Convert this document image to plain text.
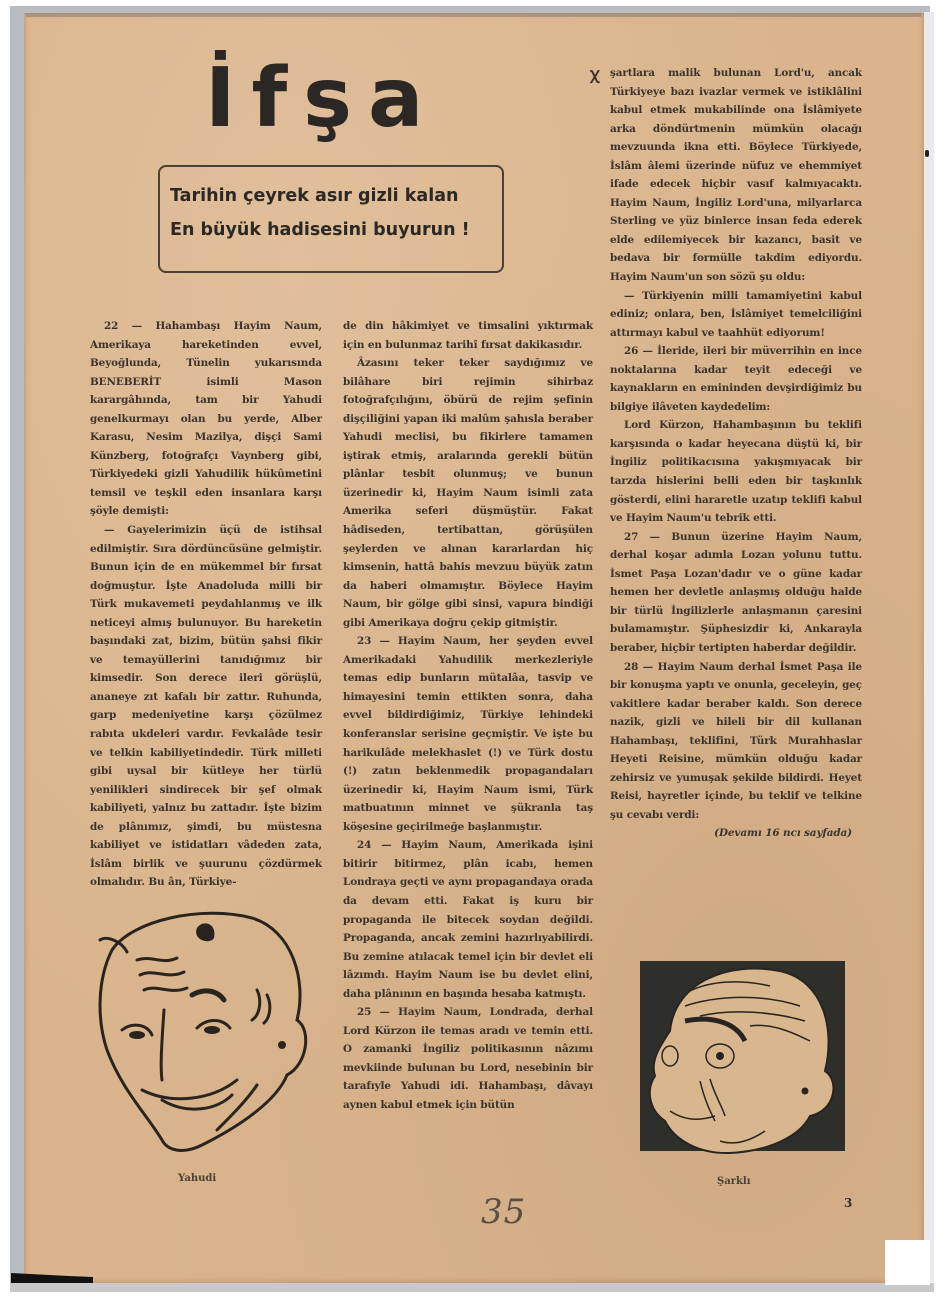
İfşa
Tarihin çeyrek asır gizli kalan
En büyük hadisesini buyurun !

22 — Hahambaşı Hayim Naum, Amerikaya hareketinden evvel, Beyoğlunda, Tünelin yukarısında BENEBERİT isimli Mason karargâhında, tam bir Yahudi genelkurmayı olan bu yerde, Alber Karasu, Nesim Mazilya, dişçi Sami Künzberg, fotoğrafçı Vaynberg gibi, Türkiyedeki gizli Yahudilik hükûmetini temsil ve teşkil eden insanlara karşı şöyle demişti:

— Gayelerimizin üçü de istihsal edilmiştir. Sıra dördüncüsüne gelmiştir. Bunun için de en mükemmel bir fırsat doğmuştur. İşte Anadoluda milli bir Türk mukavemeti peydahlanmış ve ilk neticeyi almış bulunuyor. Bu hareketin başındaki zat, bizim, bütün şahsi fikir ve temayüllerini tanıdığımız bir kimsedir. Son derece ileri görüşlü, ananeye zıt kafalı bir zattır. Ruhunda, garp medeniyetine karşı çözülmez rabıta ukdeleri vardır. Fevkalâde tesir ve telkin kabiliyetindedir. Türk milleti gibi uysal bir kütleye her türlü yenilikleri sindirecek bir şef olmak kabiliyeti, yalnız bu zattadır. İşte bizim de plânımız, şimdi, bu müstesna kabiliyet ve istidatları vâdeden zata, İslâm birlik ve şuurunu çözdürmek olmalıdır. Bu ân, Türkiye-

de din hâkimiyet ve timsalini yıktırmak için en bulunmaz tarihî fırsat dakikasıdır.

Âzasını teker teker saydığımız ve bilâhare biri rejimin sihirbaz fotoğrafçılığını, öbürü de rejim şefinin dişçiliğini yapan iki malûm şahısla beraber Yahudi meclisi, bu fikirlere tamamen iştirak etmiş, aralarında gerekli bütün plânlar tesbit olunmuş; ve bunun üzerinedir ki, Hayim Naum isimli zata Amerika seferi düşmüştür. Fakat hâdiseden, tertibattan, görüşülen şeylerden ve alınan kararlardan hiç kimsenin, hattâ bahis mevzuu büyük zatın da haberi olmamıştır. Böylece Hayim Naum, bir gölge gibi sinsi, vapura bindiği gibi Amerikaya doğru çekip gitmiştir.

23 — Hayim Naum, her şeyden evvel Amerikadaki Yahudilik merkezleriyle temas edip bunların mütalâa, tasvip ve himayesini temin ettikten sonra, daha evvel bildirdiğimiz, Türkiye lehindeki konferanslar serisine geçmiştir. Ve işte bu harikulâde melekhaslet (!) ve Türk dostu (!) zatın beklenmedik propagandaları üzerinedir ki, Hayim Naum ismi, Türk matbuatının minnet ve şükranla taş köşesine geçirilmeğe başlanmıştır.

24 — Hayim Naum, Amerikada işini bitirir bitirmez, plân icabı, hemen Londraya geçti ve aynı propagandaya orada da devam etti. Fakat iş kuru bir propaganda ile bitecek soydan değildi. Propaganda, ancak zemini hazırlıyabilirdi. Bu zemine atılacak temel için bir devlet eli lâzımdı. Hayim Naum ise bu devlet elini, daha plânının en başında hesaba katmıştı.

25 — Hayim Naum, Londrada, derhal Lord Kürzon ile temas aradı ve temin etti. O zamanki İngiliz politikasının nâzımı mevkiinde bulunan bu Lord, nesebinin bir tarafıyle Yahudi idi. Hahambaşı, dâvayı aynen kabul etmek için bütün

ꭓ şartlara malik bulunan Lord'u, ancak Türkiyeye bazı ivazlar vermek ve istiklâlini kabul etmek mukabilinde ona İslâmiyete arka döndürtmenin mümkün olacağı mevzuunda ikna etti. Böylece Türkiyede, İslâm âlemi üzerinde nüfuz ve ehemmiyet ifade edecek hiçbir vasıf kalmıyacaktı. Hayim Naum, İngiliz Lord'una, milyarlarca Sterling ve yüz binlerce insan feda ederek elde edilemiyecek bir kazancı, basit ve bedava bir formülle takdim ediyordu. Hayim Naum'un son sözü şu oldu:

— Türkiyenin milli tamamiyetini kabul ediniz; onlara, ben, İslâmiyet temelciliğini attırmayı kabul ve taahhüt ediyorum!

26 — İleride, ileri bir müverrihin en ince noktalarına kadar teyit edeceği ve kaynakların en emininden devşirdiğimiz bu bilgiye ilâveten kaydedelim:

Lord Kürzon, Hahambaşının bu teklifi karşısında o kadar heyecana düştü ki, bir İngiliz politikacısına yakışmıyacak bir tarzda hislerini belli eden bir taşkınlık gösterdi, elini hararetle uzatıp teklifi kabul ve Hayim Naum'u tebrik etti.

27 — Bunun üzerine Hayim Naum, derhal koşar adımla Lozan yolunu tuttu. İsmet Paşa Lozan'dadır ve o güne kadar hemen her devletle anlaşmış olduğu halde bir türlü İngilizlerle anlaşmanın çaresini bulamamıştır. Şüphesizdir ki, Ankarayla beraber, hiçbir tertipten haberdar değildir.

28 — Hayim Naum derhal İsmet Paşa ile bir konuşma yaptı ve onunla, geceleyin, geç vakitlere kadar beraber kaldı. Son derece nazik, gizli ve hileli bir dil kullanan Hahambaşı, teklifini, Türk Murahhaslar Heyeti Reisine, mümkün olduğu kadar zehirsiz ve yumuşak şekilde bildirdi. Heyet Reisi, hayretler içinde, bu teklif ve telkine şu cevabı verdi:

(Devamı 16 ncı sayfada)

Yahudi	Şarklı
35	3
